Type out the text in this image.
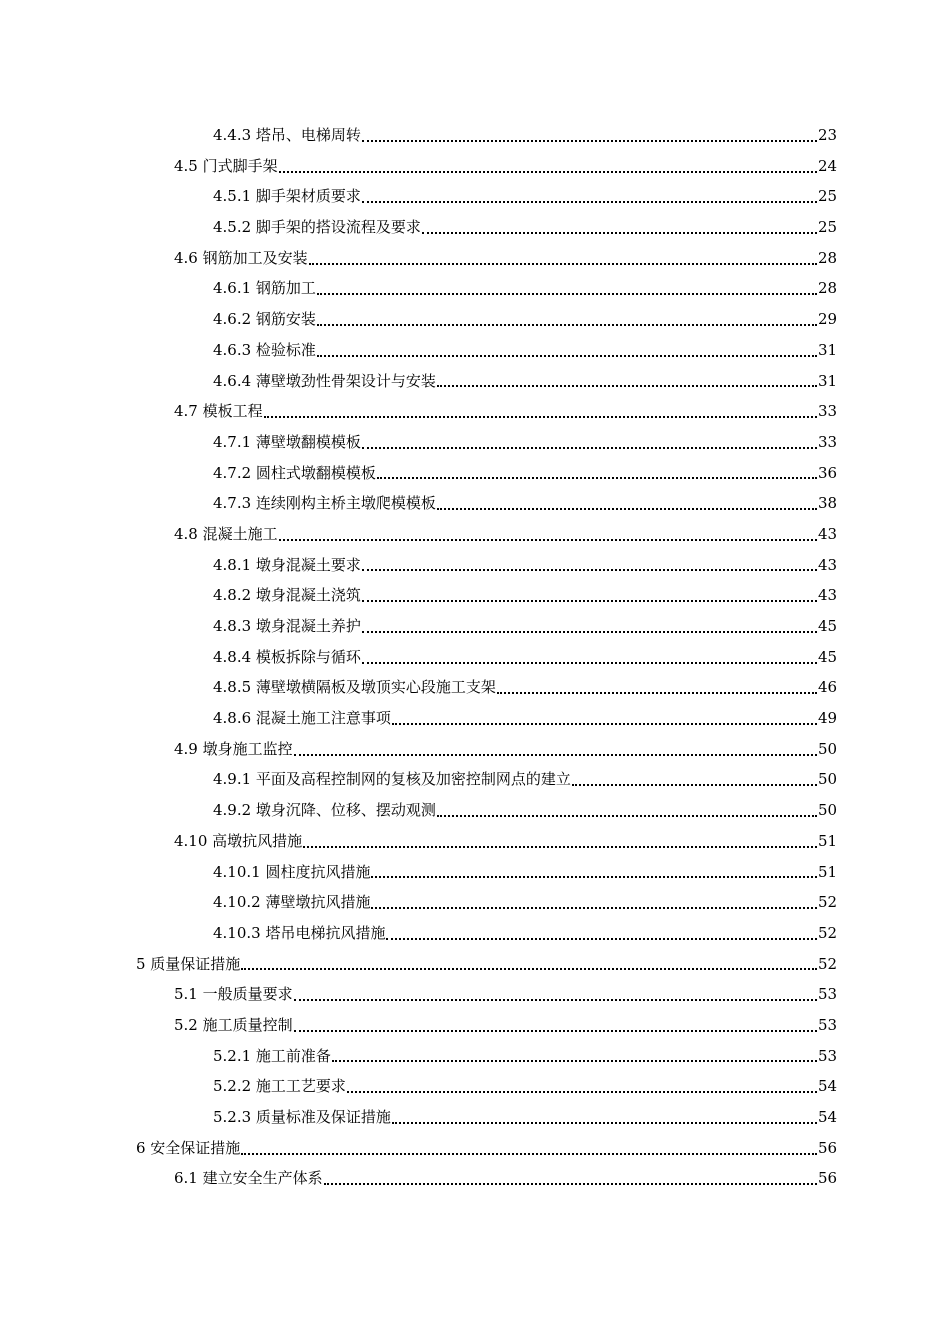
4.4.3 塔吊、电梯周转	23
4.5 门式脚手架	24
4.5.1 脚手架材质要求	25
4.5.2 脚手架的搭设流程及要求	25
4.6 钢筋加工及安装	28
4.6.1 钢筋加工	28
4.6.2 钢筋安装	29
4.6.3 检验标准	31
4.6.4 薄壁墩劲性骨架设计与安装	31
4.7 模板工程	33
4.7.1 薄壁墩翻模模板	33
4.7.2 圆柱式墩翻模模板	36
4.7.3 连续刚构主桥主墩爬模模板	38
4.8 混凝土施工	43
4.8.1 墩身混凝土要求	43
4.8.2 墩身混凝土浇筑	43
4.8.3 墩身混凝土养护	45
4.8.4 模板拆除与循环	45
4.8.5 薄壁墩横隔板及墩顶实心段施工支架	46
4.8.6 混凝土施工注意事项	49
4.9 墩身施工监控	50
4.9.1 平面及高程控制网的复核及加密控制网点的建立	50
4.9.2 墩身沉降、位移、摆动观测	50
4.10 高墩抗风措施	51
4.10.1 圆柱度抗风措施	51
4.10.2 薄壁墩抗风措施	52
4.10.3 塔吊电梯抗风措施	52
5 质量保证措施	52
5.1 一般质量要求	53
5.2 施工质量控制	53
5.2.1 施工前准备	53
5.2.2 施工工艺要求	54
5.2.3 质量标准及保证措施	54
6 安全保证措施	56
6.1 建立安全生产体系	56
